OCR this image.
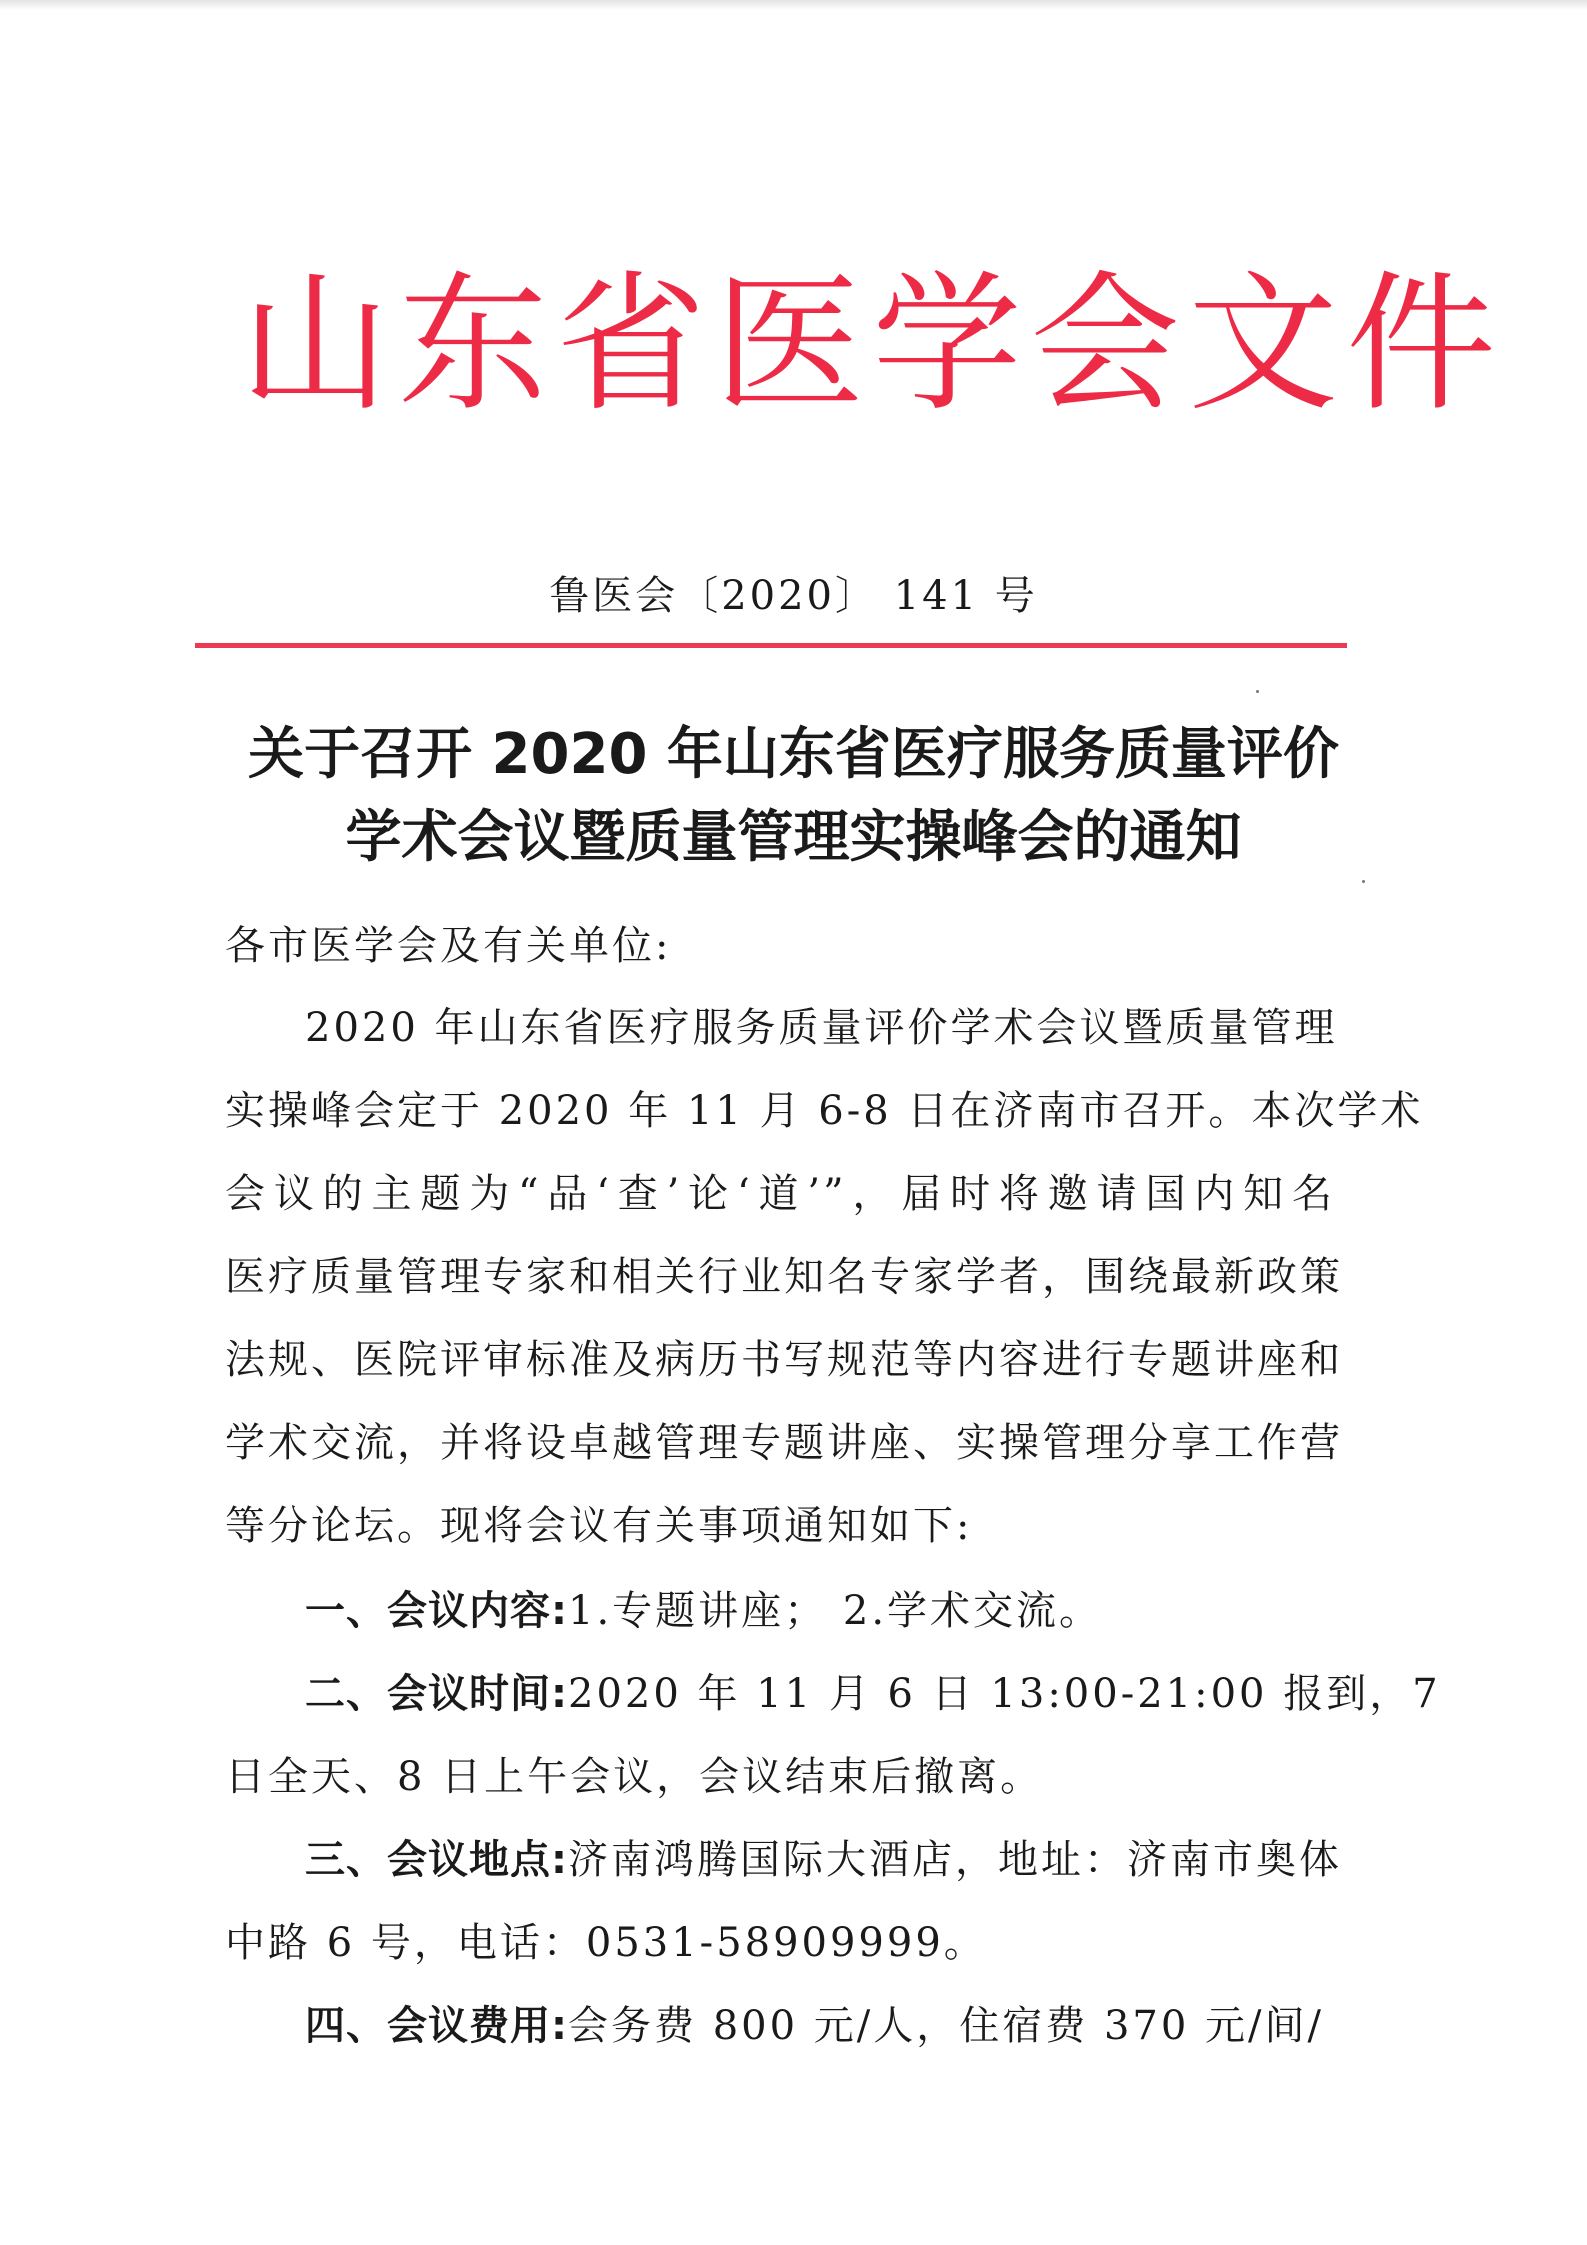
山东省医学会文件
鲁医会〔2020〕 141 号
关于召开 2020 年山东省医疗服务质量评价
学术会议暨质量管理实操峰会的通知
各市医学会及有关单位:
2020 年山东省医疗服务质量评价学术会议暨质量管理
实操峰会定于 2020 年 11 月 6-8 日在济南市召开。本次学术
会议的主题为“品‘查’论‘道’”，届时将邀请国内知名
医疗质量管理专家和相关行业知名专家学者，围绕最新政策
法规、医院评审标准及病历书写规范等内容进行专题讲座和
学术交流，并将设卓越管理专题讲座、实操管理分享工作营
等分论坛。现将会议有关事项通知如下:
一、会议内容:1.专题讲座； 2.学术交流。
二、会议时间:2020 年 11 月 6 日 13:00-21:00 报到，7
日全天、8 日上午会议，会议结束后撤离。
三、会议地点:济南鸿腾国际大酒店，地址：济南市奥体
中路 6 号，电话：0531-58909999。
四、会议费用:会务费 800 元/人，住宿费 370 元/间/
